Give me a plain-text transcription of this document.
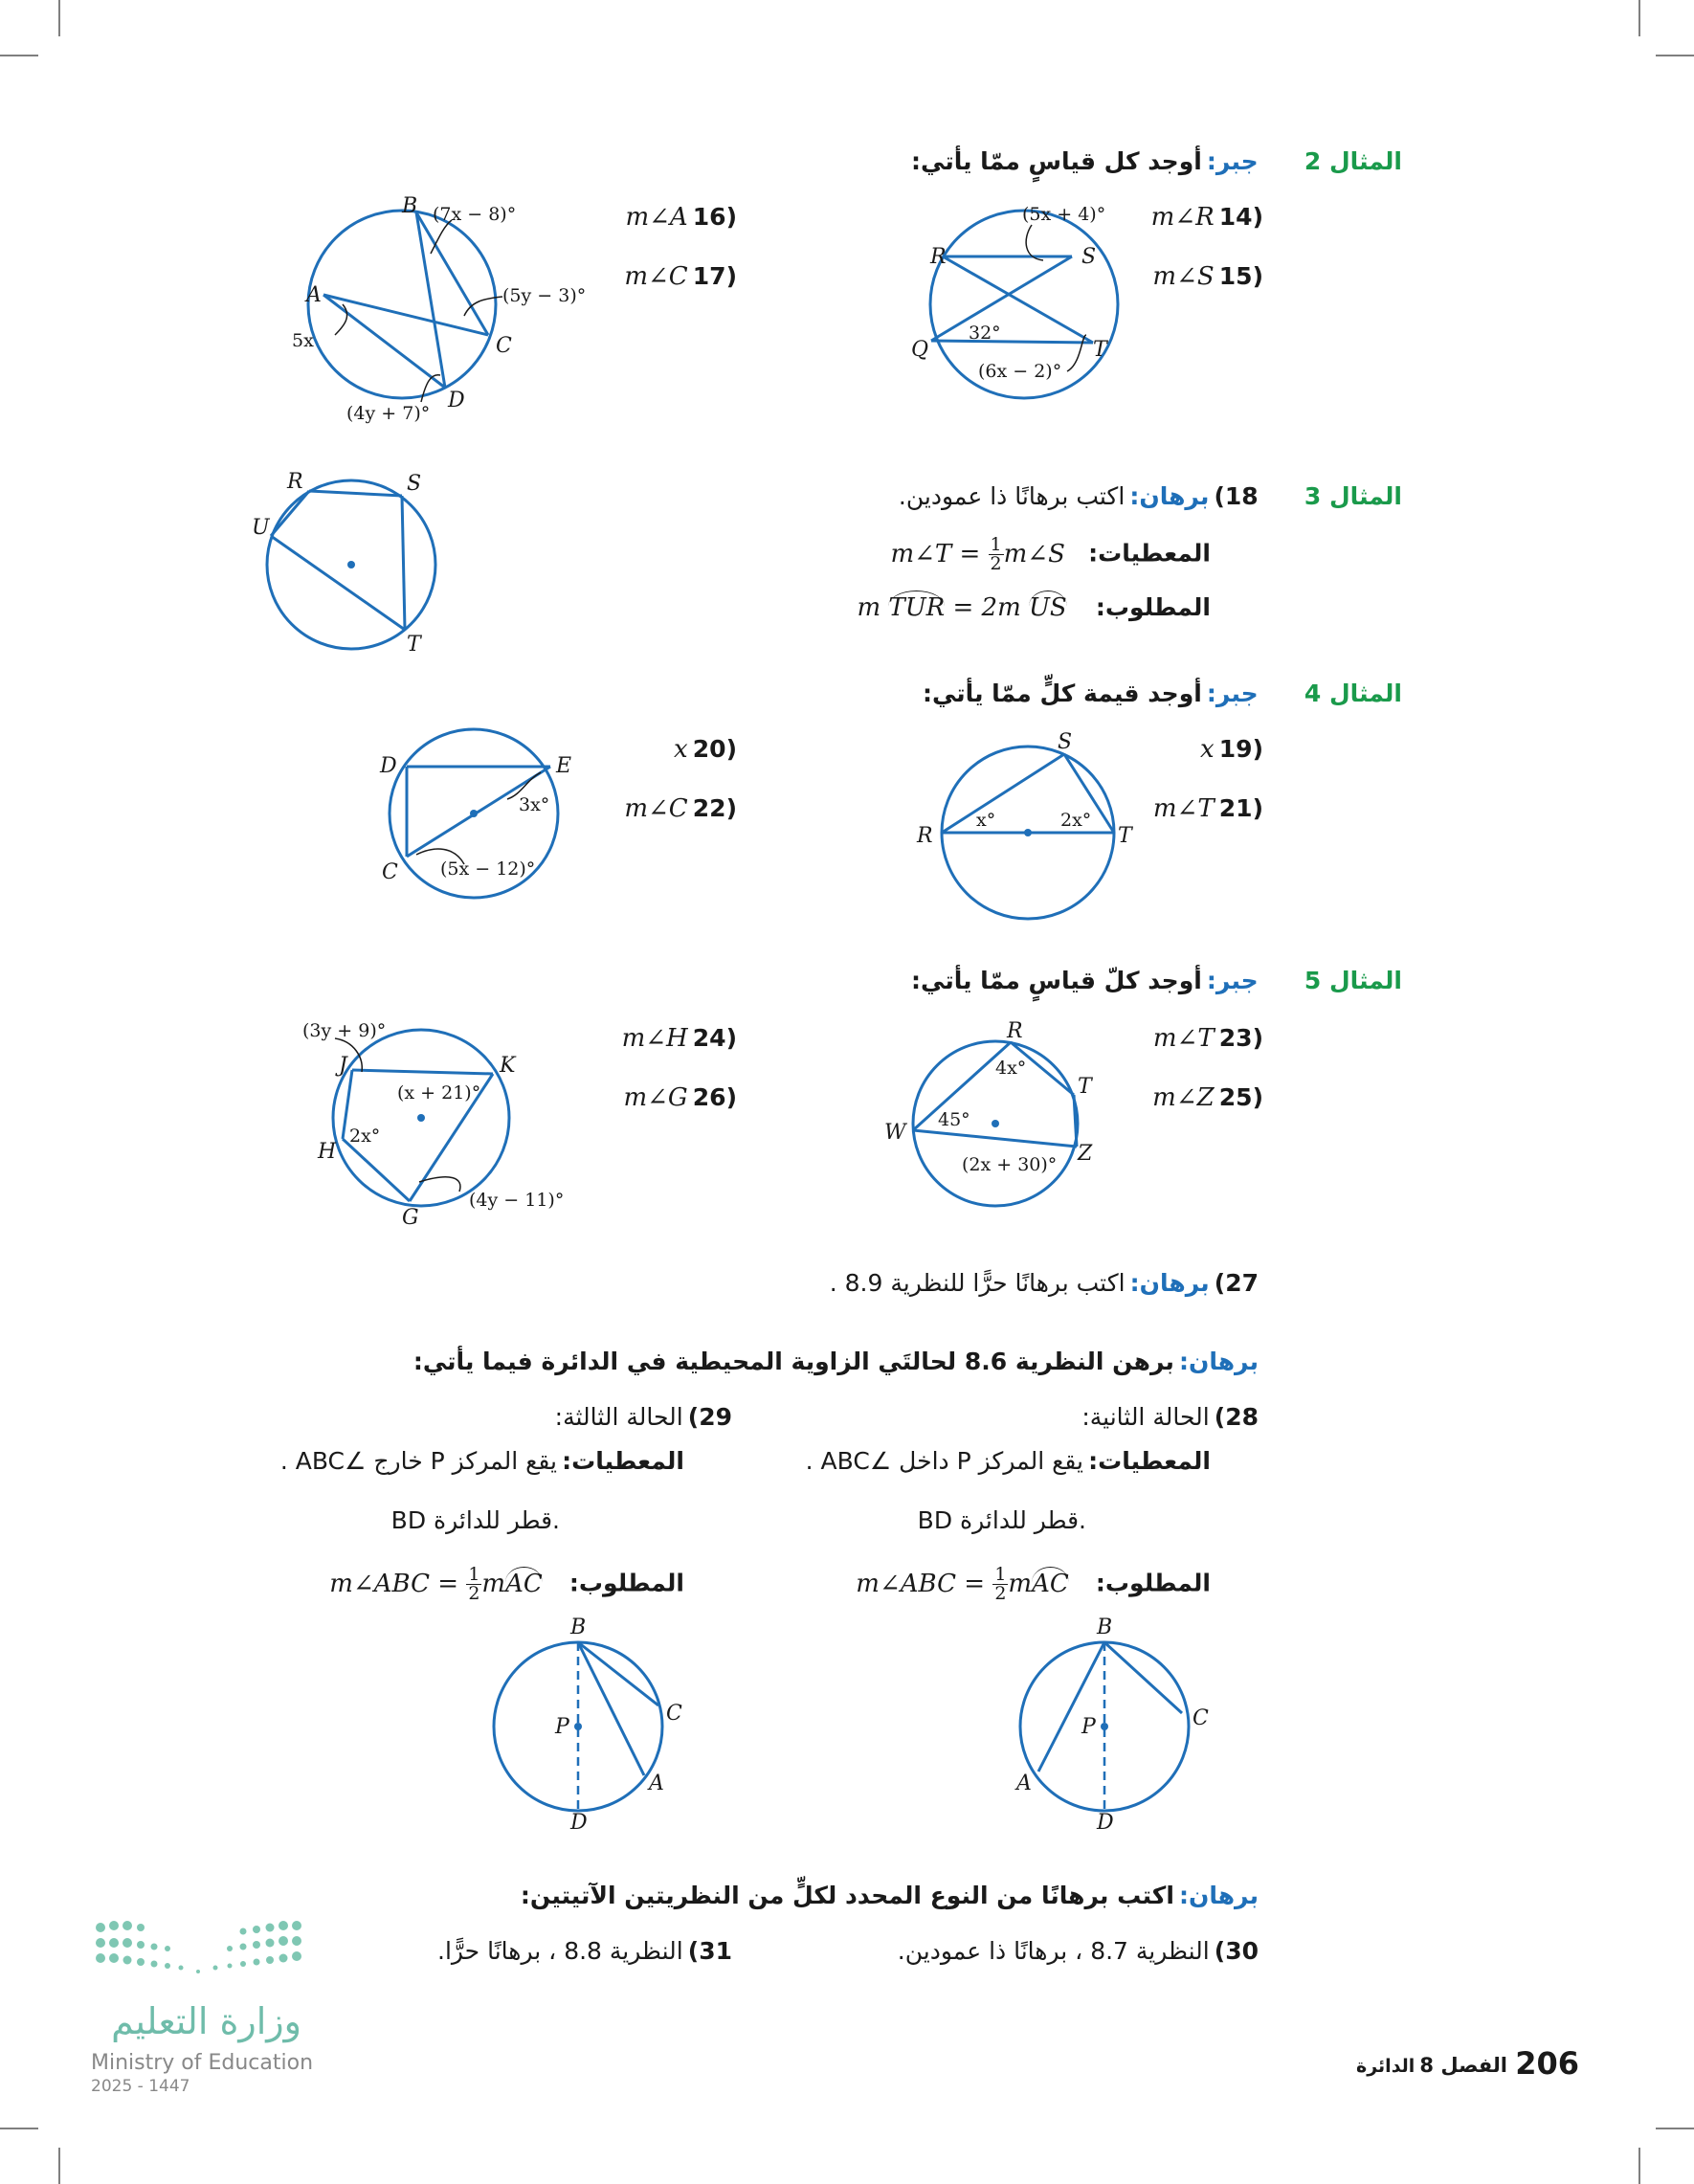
المثال 2  جبر: أوجد كل قياسٍ ممّا يأتي:
m∠R 14)
m∠S 15)
m∠A 16)
m∠C 17)
R	S
Q	T
(5x + 4)°
32°
(6x − 2)°
B
A
C
D
(7x − 8)°
(5y − 3)°
5x
(4y + 7)°
المثال 3  18) برهان: اكتب برهانًا ذا عمودين.
المعطيات:  m∠T = $\frac{1}{2}$ m∠S
المطلوب:  m TUR = 2m US
R	S
U
T
المثال 4  جبر: أوجد قيمة كلٍّ ممّا يأتي:
x 19)
m∠T 21)
x 20)
m∠C 22)
S
R	T
x°	2x°
D	E
C
3x°
(5x − 12)°
المثال 5  جبر: أوجد كلّ قياسٍ ممّا يأتي:
m∠T 23)
m∠Z 25)
m∠H 24)
m∠G 26)
R
T
W
Z
4x°
45°
(2x + 30)°
J	K
H
G
(3y + 9)°
(x + 21)°
2x°
(4y − 11)°
27) برهان: اكتب برهانًا حرًّا للنظرية 8.9 .
برهان: برهن النظرية 8.6 لحالتَي الزاوية المحيطية في الدائرة فيما يأتي:
28) الحالة الثانية:
المعطيات: يقع المركز P داخل ∠ABC .
BD قطر للدائرة.
المطلوب:  m∠ABC = $\frac{1}{2}$ mAC
29) الحالة الثالثة:
المعطيات: يقع المركز P خارج ∠ABC .
BD قطر للدائرة.
المطلوب:  m∠ABC = $\frac{1}{2}$ mAC
B
C
P
A
D
B
C
P
A
D
برهان: اكتب برهانًا من النوع المحدد لكلٍّ من النظريتين الآتيتين:
30) النظرية 8.7 ، برهانًا ذا عمودين.
31) النظرية 8.8 ، برهانًا حرًّا.
وزارة التعليم
Ministry of Education
2025 - 1447
206
الفصل 8 الدائرة
